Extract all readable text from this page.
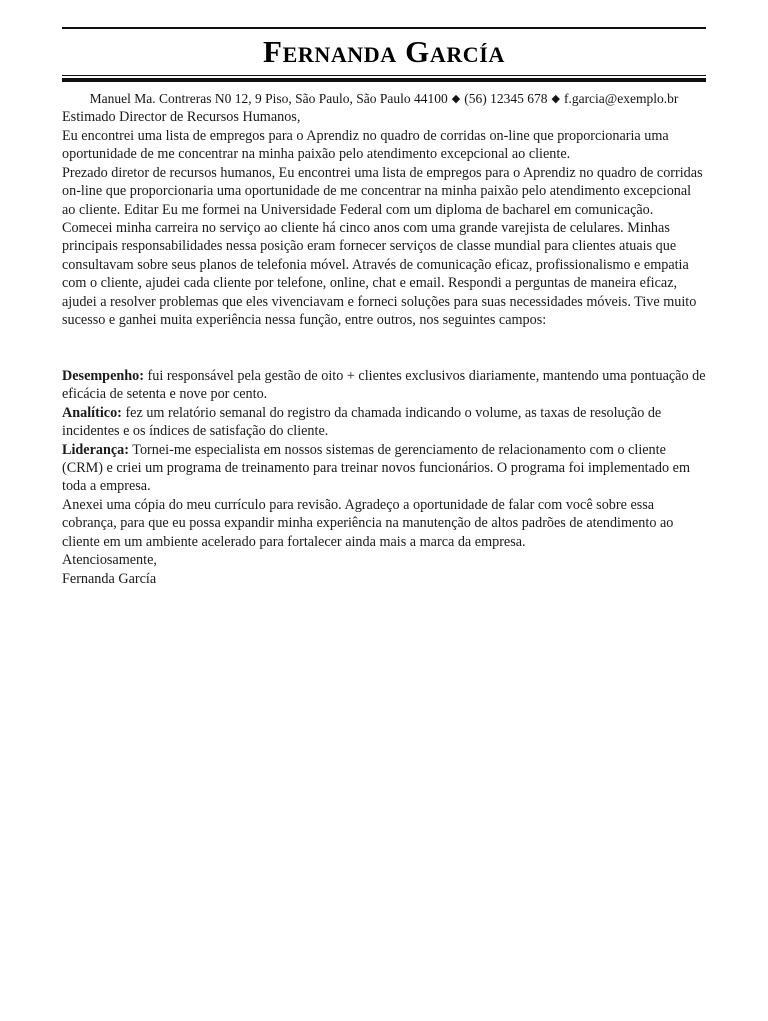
Fernanda García
Manuel Ma. Contreras N0 12, 9 Piso, São Paulo, São Paulo 44100 ◆ (56) 12345 678 ◆ f.garcia@exemplo.br

Estimado Director de Recursos Humanos,

Eu encontrei uma lista de empregos para o Aprendiz no quadro de corridas on-line que proporcionaria uma oportunidade de me concentrar na minha paixão pelo atendimento excepcional ao cliente.

Prezado diretor de recursos humanos, Eu encontrei uma lista de empregos para o Aprendiz no quadro de corridas on-line que proporcionaria uma oportunidade de me concentrar na minha paixão pelo atendimento excepcional ao cliente. Editar Eu me formei na Universidade Federal com um diploma de bacharel em comunicação. Comecei minha carreira no serviço ao cliente há cinco anos com uma grande varejista de celulares. Minhas principais responsabilidades nessa posição eram fornecer serviços de classe mundial para clientes atuais que consultavam sobre seus planos de telefonia móvel. Através de comunicação eficaz, profissionalismo e empatia com o cliente, ajudei cada cliente por telefone, online, chat e email. Respondi a perguntas de maneira eficaz, ajudei a resolver problemas que eles vivenciavam e forneci soluções para suas necessidades móveis. Tive muito sucesso e ganhei muita experiência nessa função, entre outros, nos seguintes campos:

Desempenho: fui responsável pela gestão de oito + clientes exclusivos diariamente, mantendo uma pontuação de eficácia de setenta e nove por cento.

Analítico: fez um relatório semanal do registro da chamada indicando o volume, as taxas de resolução de incidentes e os índices de satisfação do cliente.

Liderança: Tornei-me especialista em nossos sistemas de gerenciamento de relacionamento com o cliente (CRM) e criei um programa de treinamento para treinar novos funcionários. O programa foi implementado em toda a empresa.

Anexei uma cópia do meu currículo para revisão. Agradeço a oportunidade de falar com você sobre essa cobrança, para que eu possa expandir minha experiência na manutenção de altos padrões de atendimento ao cliente em um ambiente acelerado para fortalecer ainda mais a marca da empresa.

Atenciosamente,

Fernanda García
